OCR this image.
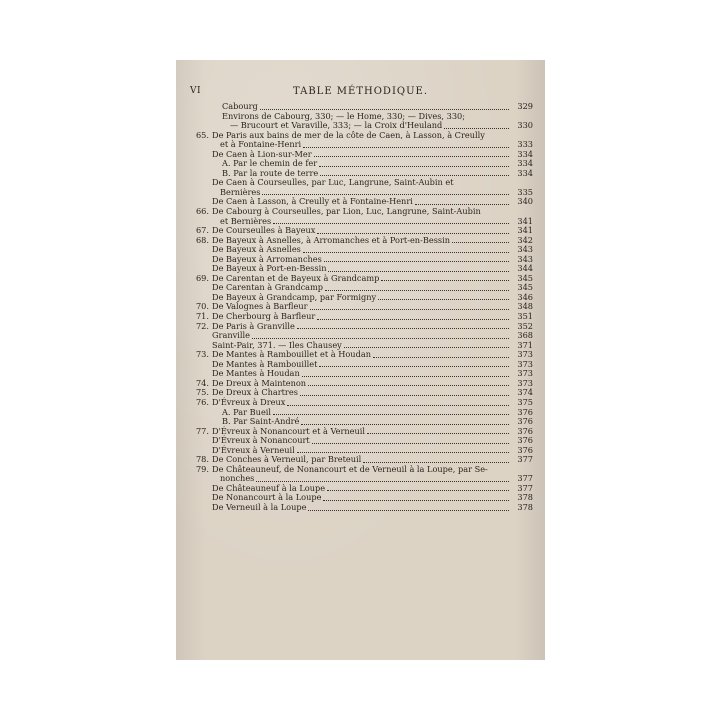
VI	TABLE MÉTHODIQUE.
Cabourg	329
Environs de Cabourg, 330; — le Home, 330; — Dives, 330;
— Brucourt et Varaville, 333; — la Croix d'Heuland	330
65. De Paris aux bains de mer de la côte de Caen, à Lasson, à Creully
et à Fontaine-Henri	333
De Caen à Lion-sur-Mer	334
A. Par le chemin de fer	334
B. Par la route de terre	334
De Caen à Courseulles, par Luc, Langrune, Saint-Aubin et
Bernières	335
De Caen à Lasson, à Creully et à Fontaine-Henri	340
66. De Cabourg à Courseulles, par Lion, Luc, Langrune, Saint-Aubin
et Bernières	341
67. De Courseulles à Bayeux	341
68. De Bayeux à Asnelles, à Arromanches et à Port-en-Bessin	342
De Bayeux à Asnelles	343
De Bayeux à Arromanches	343
De Bayeux à Port-en-Bessin	344
69. De Carentan et de Bayeux à Grandcamp	345
De Carentan à Grandcamp	345
De Bayeux à Grandcamp, par Formigny	346
70. De Valognes à Barfleur	348
71. De Cherbourg à Barfleur	351
72. De Paris à Granville	352
Granville	368
Saint-Pair, 371. — Iles Chausey	371
73. De Mantes à Rambouillet et à Houdan	373
De Mantes à Rambouillet	373
De Mantes à Houdan	373
74. De Dreux à Maintenon	373
75. De Dreux à Chartres	374
76. D'Évreux à Dreux	375
A. Par Bueil	376
B. Par Saint-André	376
77. D'Évreux à Nonancourt et à Verneuil	376
D'Évreux à Nonancourt	376
D'Évreux à Verneuil	376
78. De Conches à Verneuil, par Breteuil	377
79. De Châteauneuf, de Nonancourt et de Verneuil à la Loupe, par Se-
nonches	377
De Châteauneuf à la Loupe	377
De Nonancourt à la Loupe	378
De Verneuil à la Loupe	378
